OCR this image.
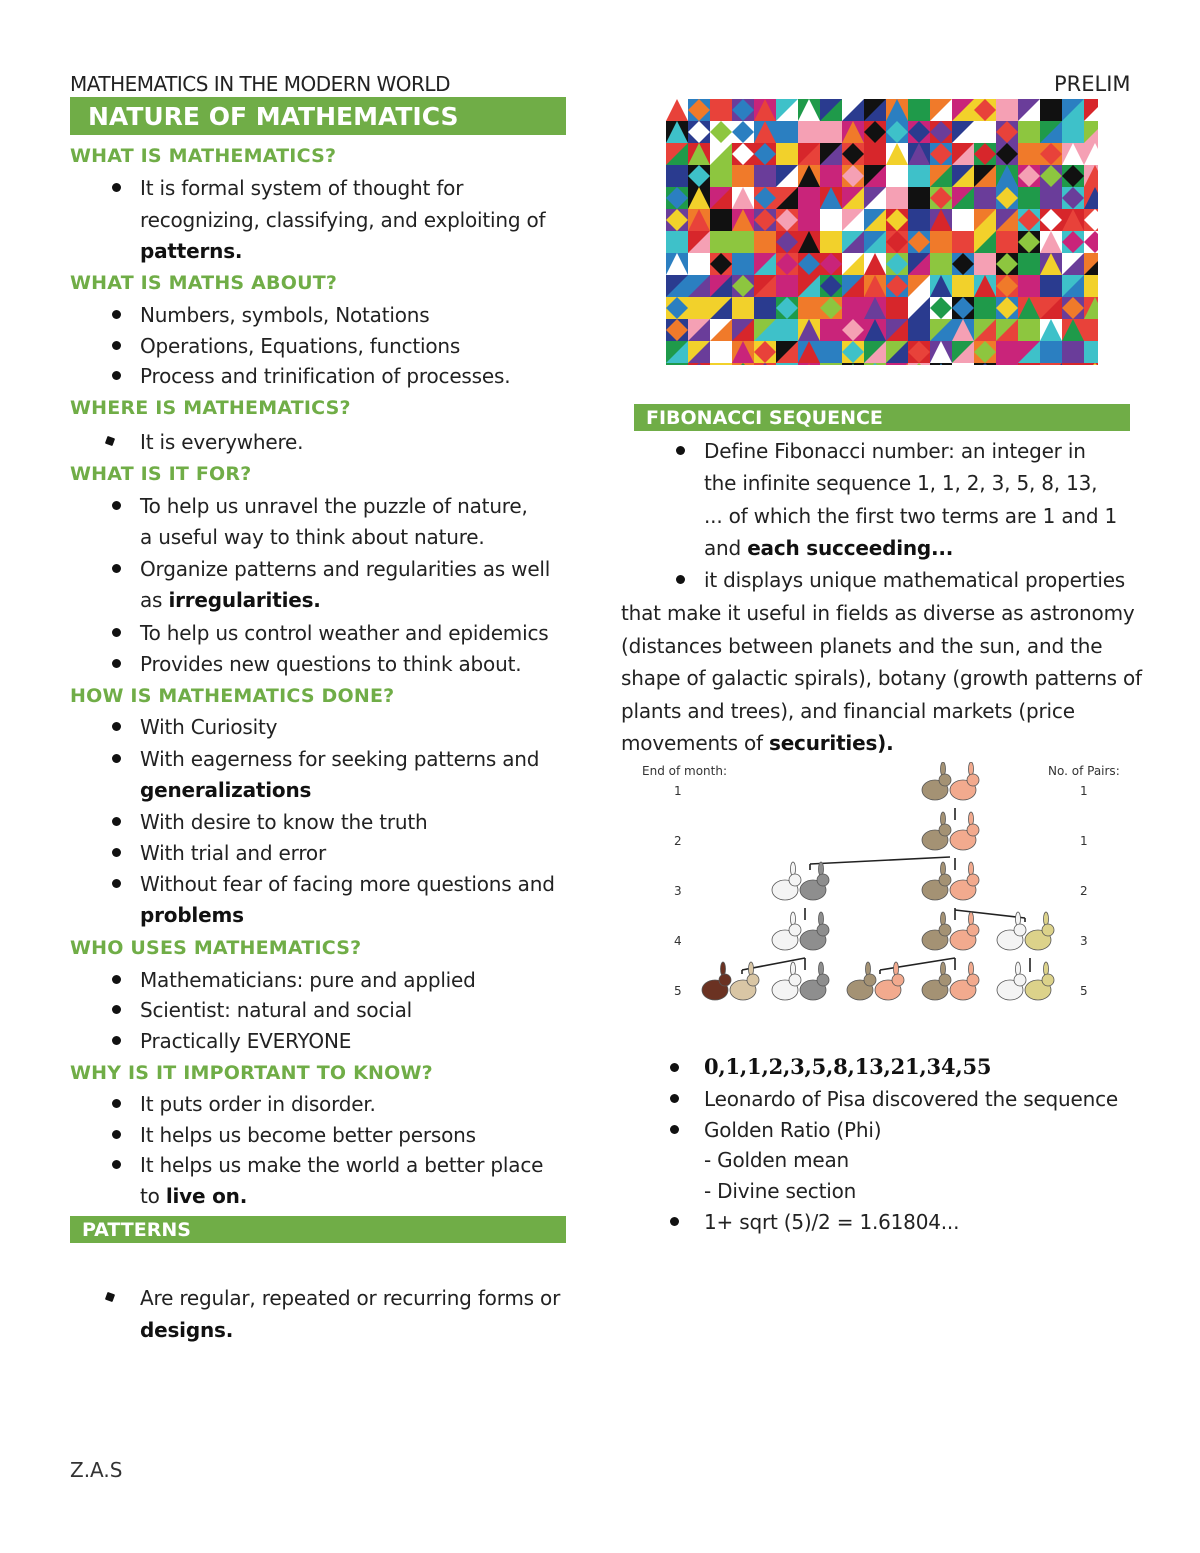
MATHEMATICS IN THE MODERN WORLD	PRELIM
Z.A.S
NATURE OF MATHEMATICS
WHAT IS MATHEMATICS?
It is formal system of thought for
recognizing, classifying, and exploiting of
patterns.
WHAT IS MATHS ABOUT?
Numbers, symbols, Notations
Operations, Equations, functions
Process and trinification of processes.
WHERE IS MATHEMATICS?
It is everywhere.
WHAT IS IT FOR?
To help us unravel the puzzle of nature,
a useful way to think about nature.
Organize patterns and regularities as well
as irregularities.
To help us control weather and epidemics
Provides new questions to think about.
HOW IS MATHEMATICS DONE?
With Curiosity
With eagerness for seeking patterns and
generalizations
With desire to know the truth
With trial and error
Without fear of facing more questions and
problems
WHO USES MATHEMATICS?
Mathematicians: pure and applied
Scientist: natural and social
Practically EVERYONE
WHY IS IT IMPORTANT TO KNOW?
It puts order in disorder.
It helps us become better persons
It helps us make the world a better place
to live on.
PATTERNS
Are regular, repeated or recurring forms or
designs.
FIBONACCI SEQUENCE
Define Fibonacci number: an integer in
the infinite sequence 1, 1, 2, 3, 5, 8, 13,
... of which the first two terms are 1 and 1
and each succeeding...
it displays unique mathematical properties
that make it useful in fields as diverse as astronomy
(distances between planets and the sun, and the
shape of galactic spirals), botany (growth patterns of
plants and trees), and financial markets (price
movements of securities).
End of month:	No. of Pairs:
1	1
2	1
3	2
4	3
5	5
0,1,1,2,3,5,8,13,21,34,55
Leonardo of Pisa discovered the sequence
Golden Ratio (Phi)
- Golden mean
- Divine section
1+ sqrt (5)/2 = 1.61804...
